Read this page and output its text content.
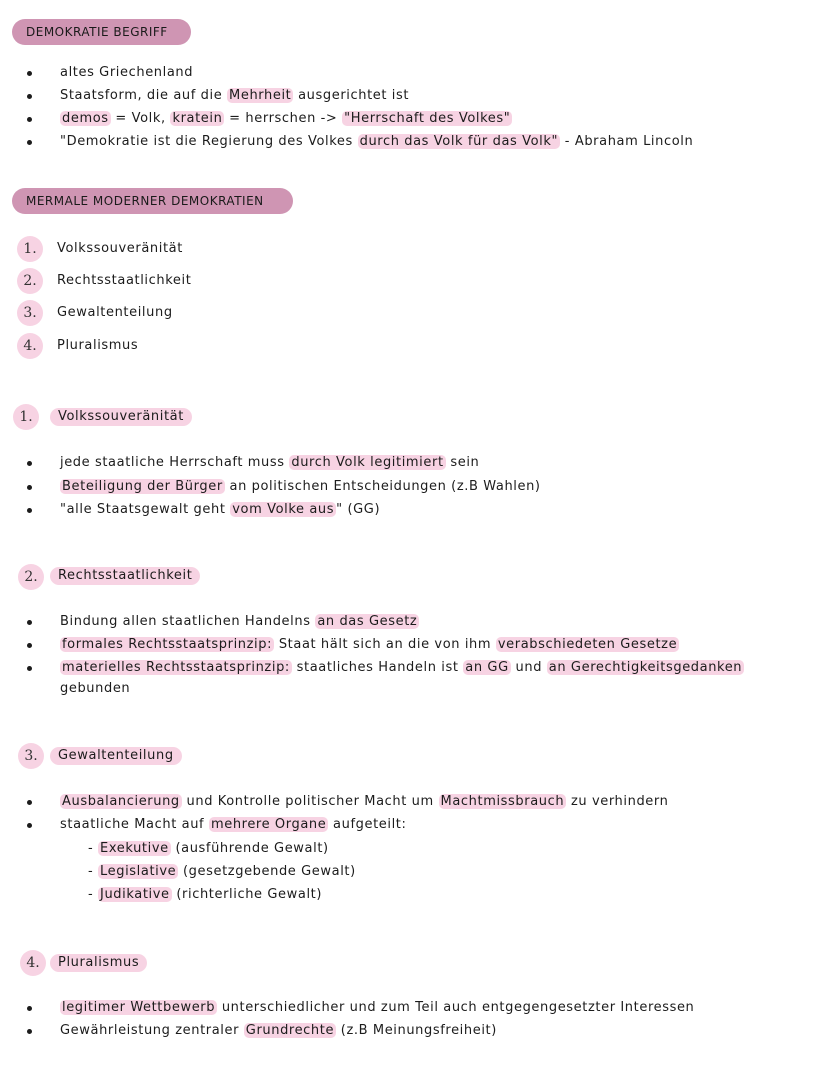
DEMOKRATIE BEGRIFF
altes Griechenland
Staatsform, die auf die Mehrheit ausgerichtet ist
demos = Volk, kratein = herrschen -> "Herrschaft des Volkes"
"Demokratie ist die Regierung des Volkes durch das Volk für das Volk" - Abraham Lincoln
MERMALE MODERNER DEMOKRATIEN
1.	Volkssouveränität
2.	Rechtsstaatlichkeit
3.	Gewaltenteilung
4.	Pluralismus
1.	Volkssouveränität
jede staatliche Herrschaft muss durch Volk legitimiert sein
Beteiligung der Bürger an politischen Entscheidungen (z.B Wahlen)
"alle Staatsgewalt geht vom Volke aus " (GG)
2.	Rechtsstaatlichkeit
Bindung allen staatlichen Handelns an das Gesetz
formales Rechtsstaatsprinzip: Staat hält sich an die von ihm verabschiedeten Gesetze
materielles Rechtsstaatsprinzip: staatliches Handeln ist an GG und an Gerechtigkeitsgedanken
gebunden
3.	Gewaltenteilung
Ausbalancierung und Kontrolle politischer Macht um Machtmissbrauch zu verhindern
staatliche Macht auf mehrere Organe aufgeteilt:
- Exekutive (ausführende Gewalt)
- Legislative (gesetzgebende Gewalt)
- Judikative (richterliche Gewalt)
4.	Pluralismus
legitimer Wettbewerb unterschiedlicher und zum Teil auch entgegengesetzter Interessen
Gewährleistung zentraler Grundrechte (z.B Meinungsfreiheit)
